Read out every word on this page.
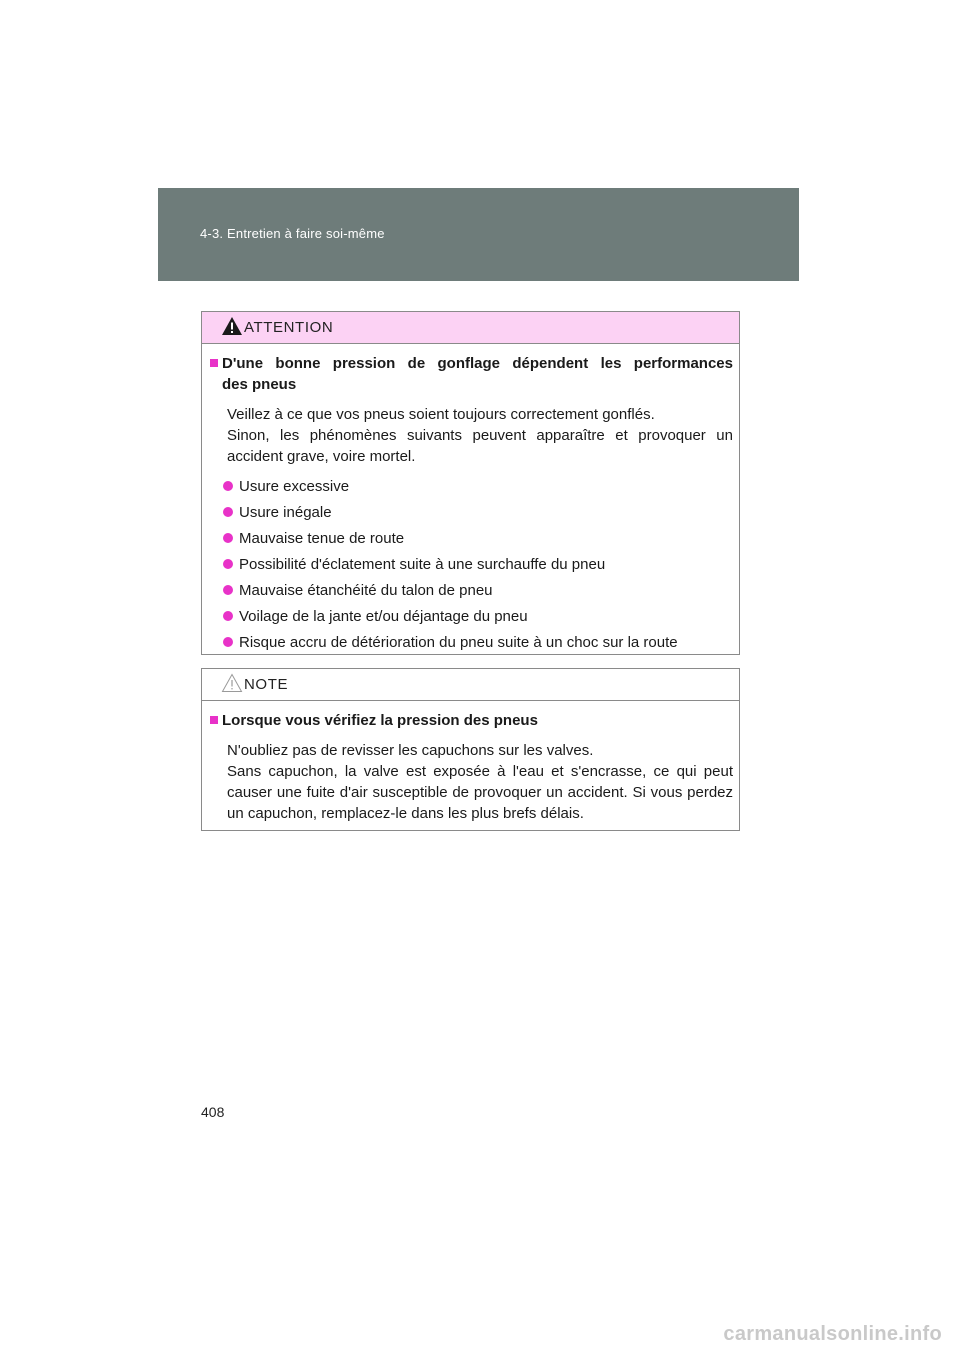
4-3. Entretien à faire soi-même
ATTENTION
D'une bonne pression de gonflage dépendent les performances
des pneus
Veillez à ce que vos pneus soient toujours correctement gonflés.
Sinon, les phénomènes suivants peuvent apparaître et provoquer un accident grave, voire mortel.
Usure excessive
Usure inégale
Mauvaise tenue de route
Possibilité d'éclatement suite à une surchauffe du pneu
Mauvaise étanchéité du talon de pneu
Voilage de la jante et/ou déjantage du pneu
Risque accru de détérioration du pneu suite à un choc sur la route
NOTE
Lorsque vous vérifiez la pression des pneus
N'oubliez pas de revisser les capuchons sur les valves.
Sans capuchon, la valve est exposée à l'eau et s'encrasse, ce qui peut causer une fuite d'air susceptible de provoquer un accident. Si vous perdez un capuchon, remplacez-le dans les plus brefs délais.
408
carmanualsonline.info
